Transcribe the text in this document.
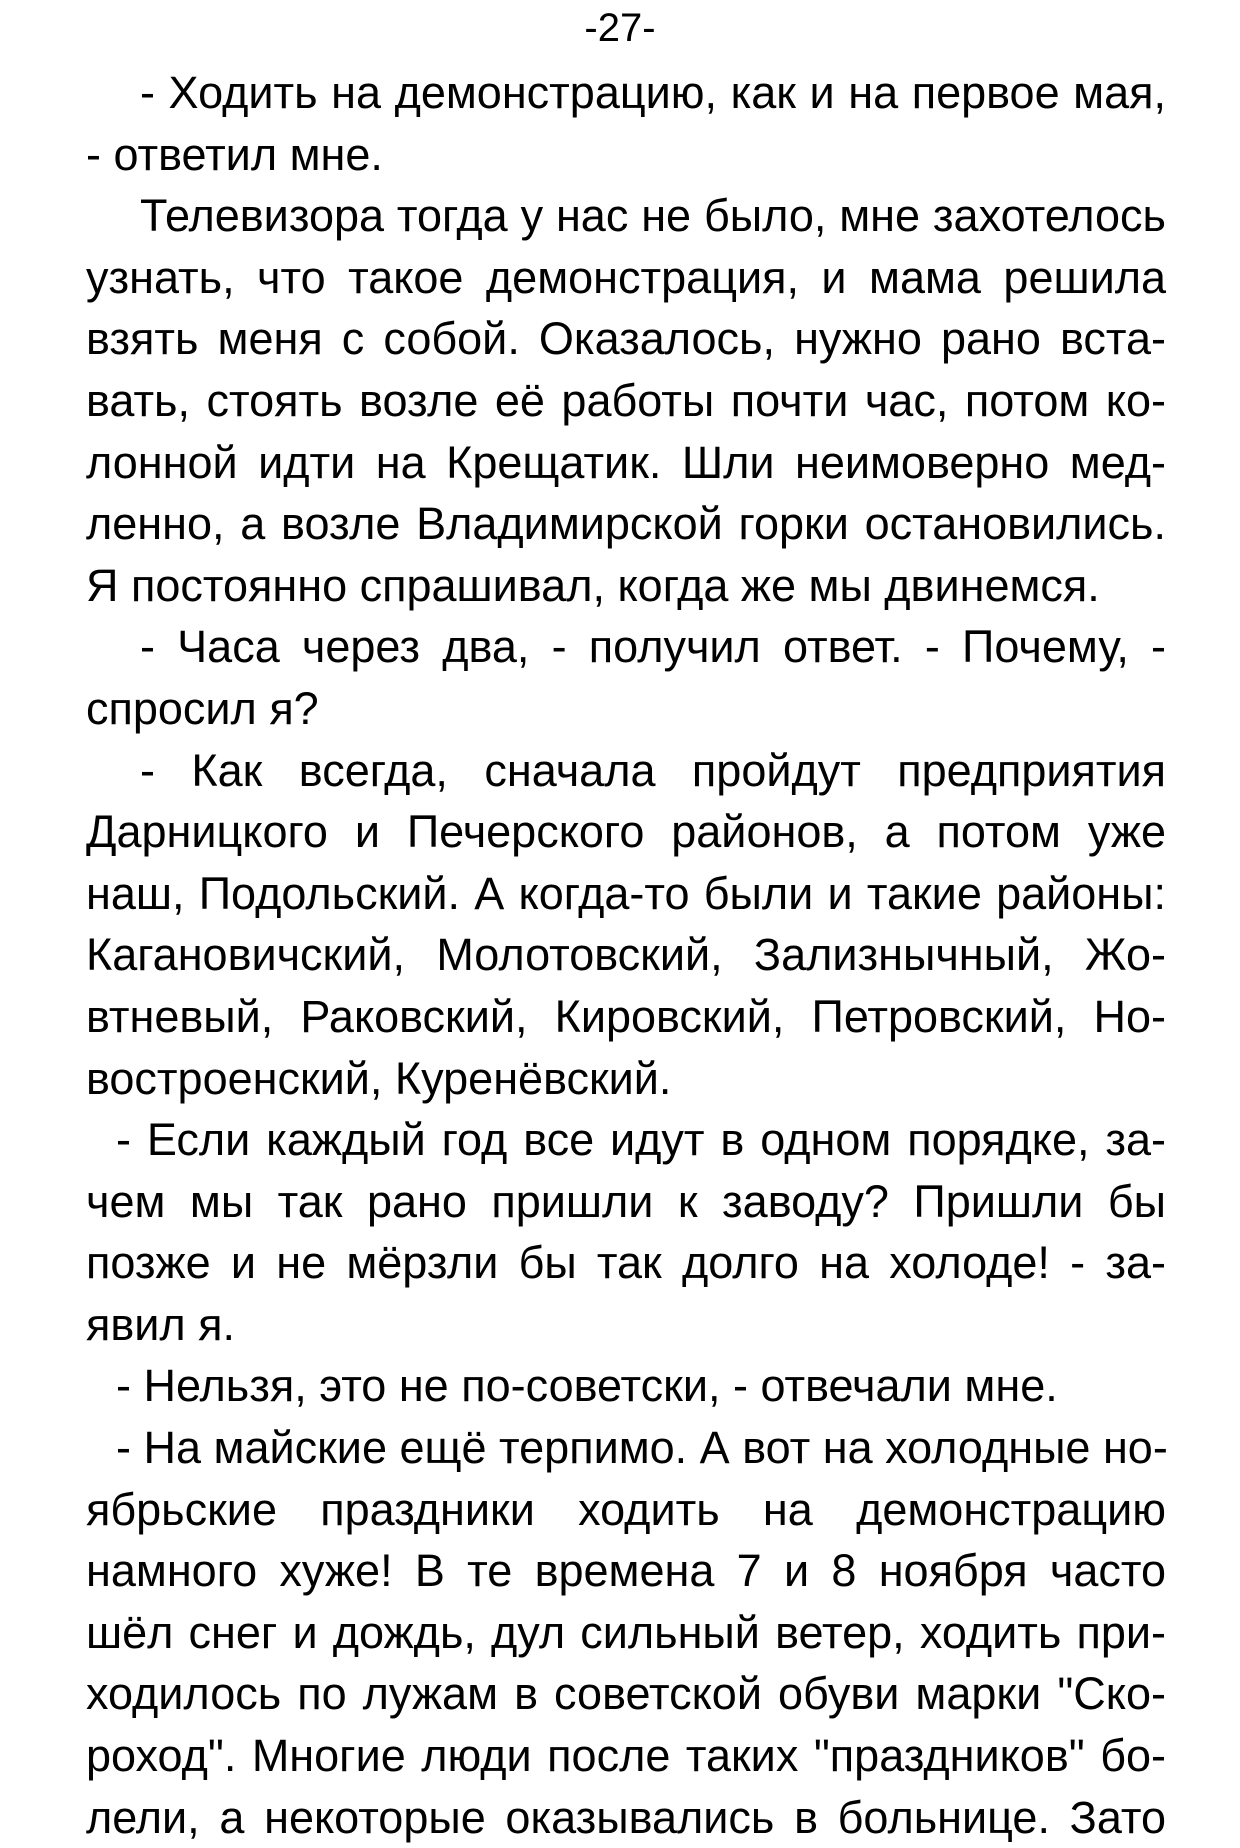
-27-
- Ходить на демонстрацию, как и на первое мая,
- ответил мне.
Телевизора тогда у нас не было, мне захотелось
узнать, что такое демонстрация, и мама решила
взять меня с собой. Оказалось, нужно рано вста-
вать, стоять возле её работы почти час, потом ко-
лонной идти на Крещатик. Шли неимоверно мед-
ленно, а возле Владимирской горки остановились.
Я постоянно спрашивал, когда же мы двинемся.
- Часа через два, - получил ответ. - Почему, -
спросил я?
- Как всегда, сначала пройдут предприятия
Дарницкого и Печерского районов, а потом уже
наш, Подольский. А когда-то были и такие районы:
Кагановичский, Молотовский, Зализнычный, Жо-
втневый, Раковский, Кировский, Петровский, Но-
востроенский, Куренёвский.
- Если каждый год все идут в одном порядке, за-
чем мы так рано пришли к заводу? Пришли бы
позже и не мёрзли бы так долго на холоде! - за-
явил я.
- Нельзя, это не по-советски, - отвечали мне.
- На майские ещё терпимо. А вот на холодные но-
ябрьские праздники ходить на демонстрацию
намного хуже! В те времена 7 и 8 ноября часто
шёл снег и дождь, дул сильный ветер, ходить при-
ходилось по лужам в советской обуви марки "Ско-
роход". Многие люди после таких "праздников" бо-
лели, а некоторые оказывались в больнице. Зато
